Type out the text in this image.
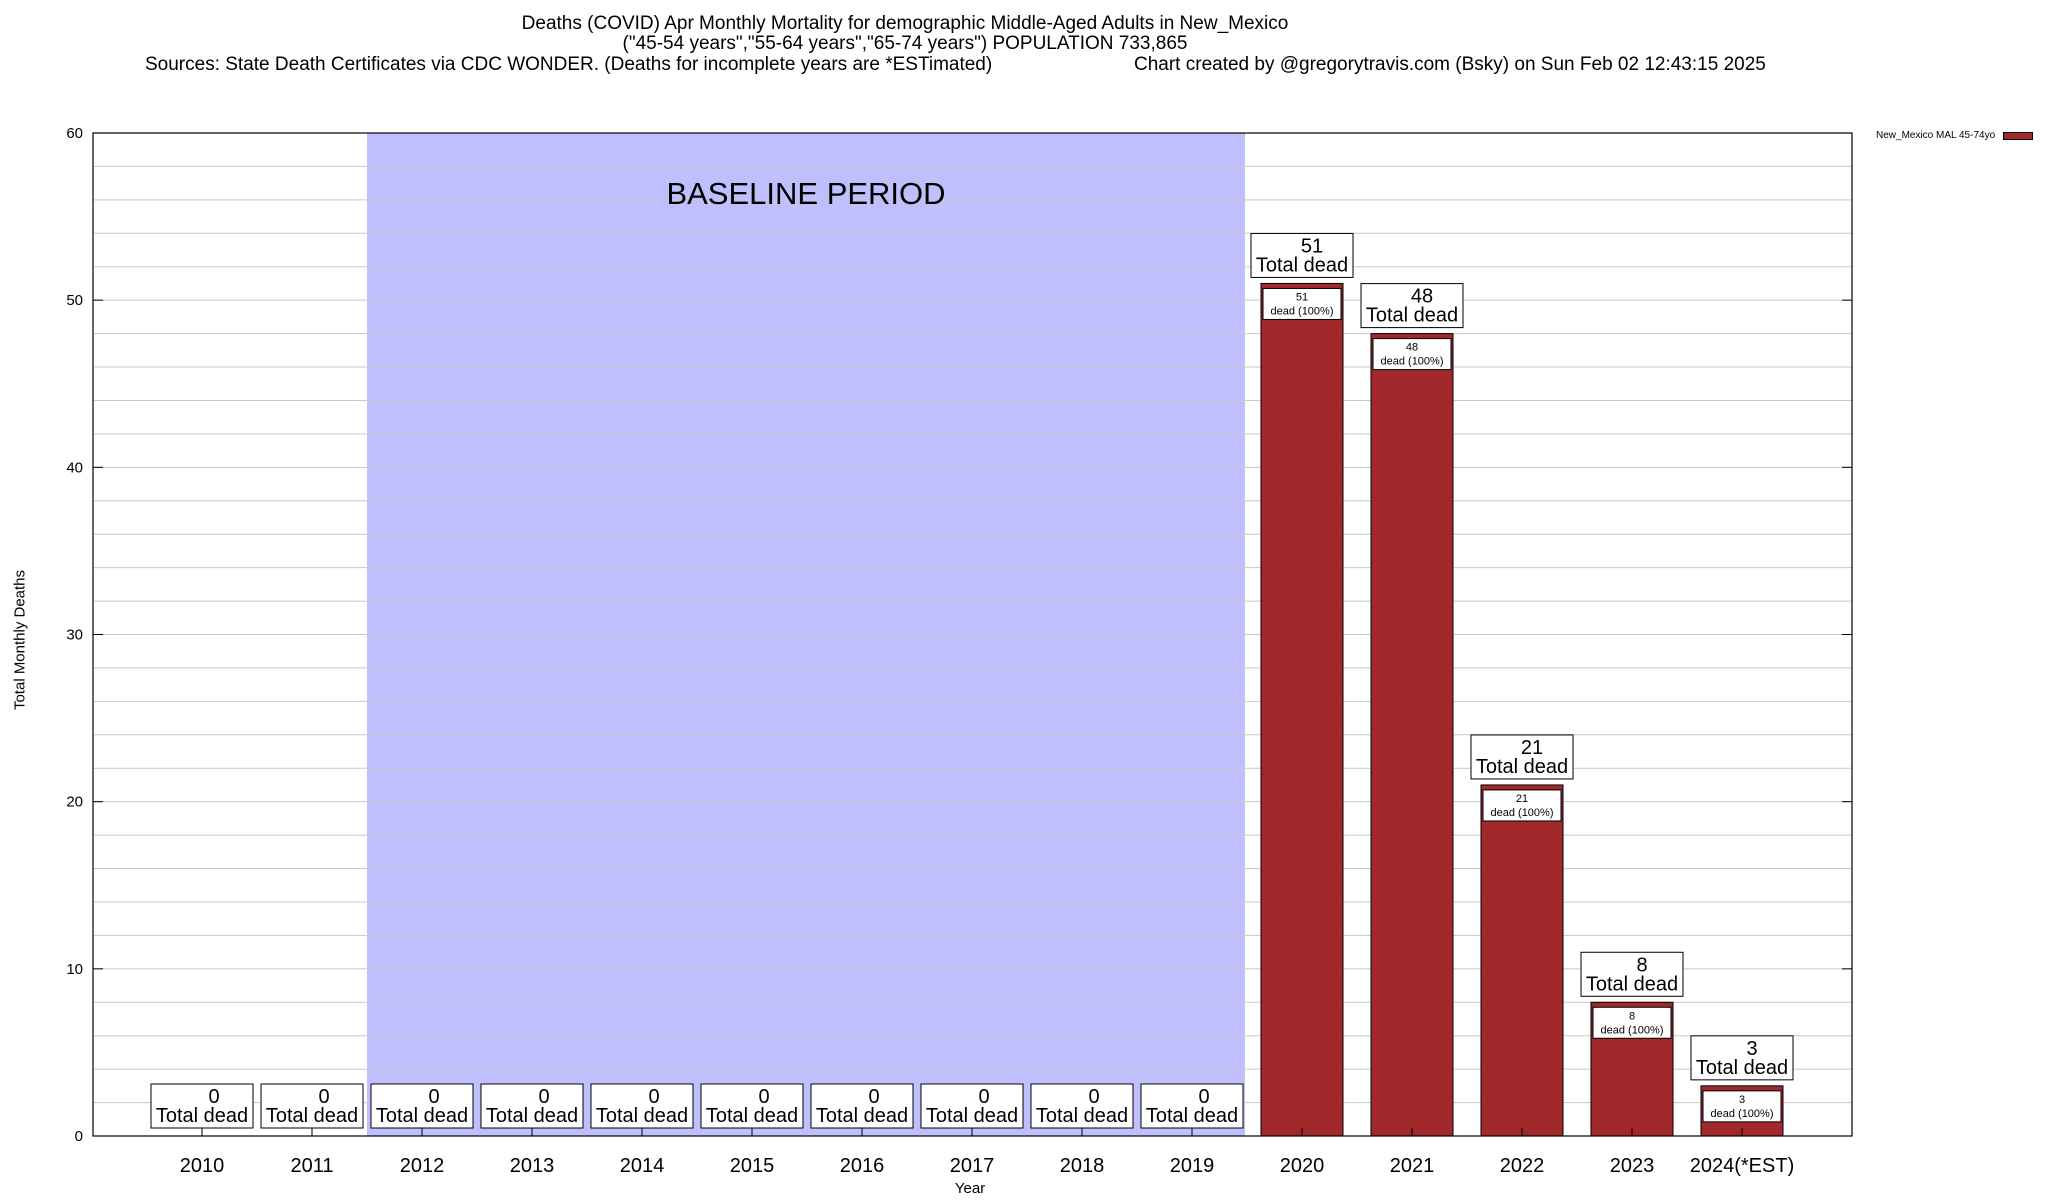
Deaths (COVID) Apr Monthly Mortality for demographic Middle-Aged Adults in New_Mexico
("45-54 years","55-64 years","65-74 years") POPULATION 733,865
Sources: State Death Certificates via CDC WONDER. (Deaths for incomplete years are *ESTimated)	Chart created by @gregorytravis.com (Bsky) on Sun Feb 02 12:43:15 2025
0
10
20
30
40
50
60
BASELINE PERIOD
0
Total dead
2010
0
Total dead
2011
0
Total dead
2012
0
Total dead
2013
0
Total dead
2014
0
Total dead
2015
0
Total dead
2016
0
Total dead
2017
0
Total dead
2018
0
Total dead
2019
51
dead (100%)
51
Total dead
2020
48
dead (100%)
48
Total dead
2021
21
dead (100%)
21
Total dead
2022
8
dead (100%)
8
Total dead
2023
3
dead (100%)
3
Total dead
2024(*EST)
New_Mexico MAL 45-74yo
Total Monthly Deaths
Year
